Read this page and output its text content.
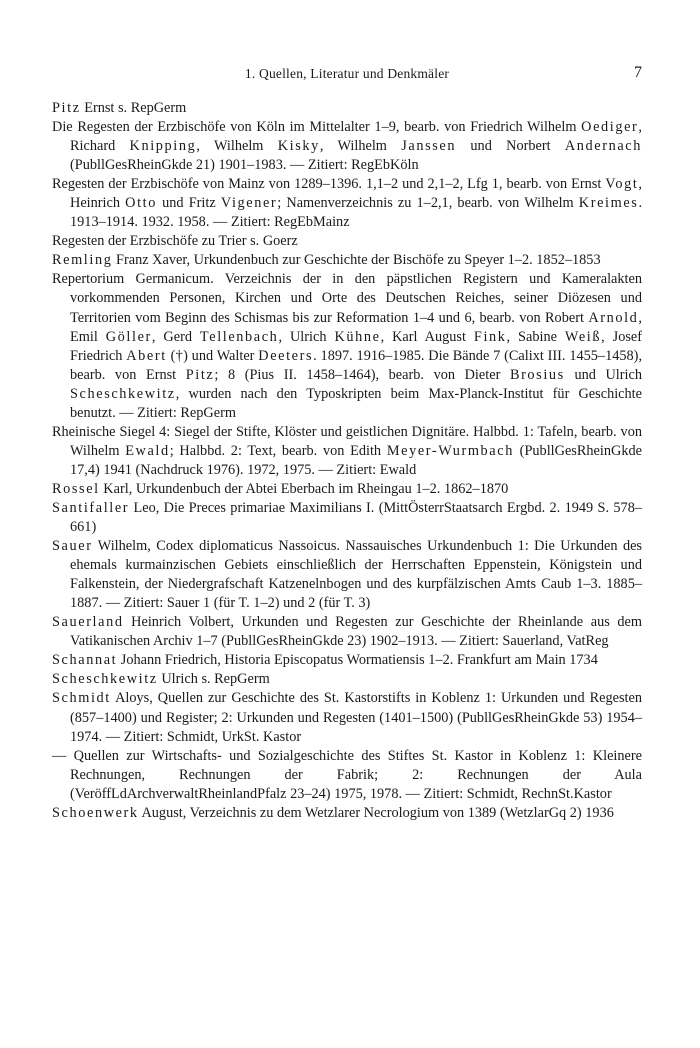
1. Quellen, Literatur und Denkmäler	7

Pitz Ernst s. RepGerm

Die Regesten der Erzbischöfe von Köln im Mittelalter 1–9, bearb. von Friedrich Wilhelm Oediger, Richard Knipping, Wilhelm Kisky, Wilhelm Janssen und Norbert Andernach (PubllGesRheinGkde 21) 1901–1983. — Zitiert: RegEbKöln

Regesten der Erzbischöfe von Mainz von 1289–1396. 1,1–2 und 2,1–2, Lfg 1, bearb. von Ernst Vogt, Heinrich Otto und Fritz Vigener; Namenverzeichnis zu 1–2,1, bearb. von Wilhelm Kreimes. 1913–1914. 1932. 1958. — Zitiert: RegEbMainz

Regesten der Erzbischöfe zu Trier s. Goerz

Remling Franz Xaver, Urkundenbuch zur Geschichte der Bischöfe zu Speyer 1–2. 1852–1853

Repertorium Germanicum. Verzeichnis der in den päpstlichen Registern und Kameralakten vorkommenden Personen, Kirchen und Orte des Deutschen Reiches, seiner Diözesen und Territorien vom Beginn des Schismas bis zur Reformation 1–4 und 6, bearb. von Robert Arnold, Emil Göller, Gerd Tellenbach, Ulrich Kühne, Karl August Fink, Sabine Weiß, Josef Friedrich Abert (†) und Walter Deeters. 1897. 1916–1985. Die Bände 7 (Calixt III. 1455–1458), bearb. von Ernst Pitz; 8 (Pius II. 1458–1464), bearb. von Dieter Brosius und Ulrich Scheschkewitz, wurden nach den Typoskripten beim Max-Planck-Institut für Geschichte benutzt. — Zitiert: RepGerm

Rheinische Siegel 4: Siegel der Stifte, Klöster und geistlichen Dignitäre. Halbbd. 1: Tafeln, bearb. von Wilhelm Ewald; Halbbd. 2: Text, bearb. von Edith Meyer-Wurmbach (PubllGesRheinGkde 17,4) 1941 (Nachdruck 1976). 1972, 1975. — Zitiert: Ewald

Rossel Karl, Urkundenbuch der Abtei Eberbach im Rheingau 1–2. 1862–1870

Santifaller Leo, Die Preces primariae Maximilians I. (MittÖsterrStaatsarch Ergbd. 2. 1949 S. 578–661)

Sauer Wilhelm, Codex diplomaticus Nassoicus. Nassauisches Urkundenbuch 1: Die Urkunden des ehemals kurmainzischen Gebiets einschließlich der Herrschaften Eppenstein, Königstein und Falkenstein, der Niedergrafschaft Katzenelnbogen und des kurpfälzischen Amts Caub 1–3. 1885–1887. — Zitiert: Sauer 1 (für T. 1–2) und 2 (für T. 3)

Sauerland Heinrich Volbert, Urkunden und Regesten zur Geschichte der Rheinlande aus dem Vatikanischen Archiv 1–7 (PubllGesRheinGkde 23) 1902–1913. — Zitiert: Sauerland, VatReg

Schannat Johann Friedrich, Historia Episcopatus Wormatiensis 1–2. Frankfurt am Main 1734

Scheschkewitz Ulrich s. RepGerm

Schmidt Aloys, Quellen zur Geschichte des St. Kastorstifts in Koblenz 1: Urkunden und Regesten (857–1400) und Register; 2: Urkunden und Regesten (1401–1500) (PubllGesRheinGkde 53) 1954–1974. — Zitiert: Schmidt, UrkSt. Kastor

— Quellen zur Wirtschafts- und Sozialgeschichte des Stiftes St. Kastor in Koblenz 1: Kleinere Rechnungen, Rechnungen der Fabrik; 2: Rechnungen der Aula (VeröffLdArchverwaltRheinlandPfalz 23–24) 1975, 1978. — Zitiert: Schmidt, RechnSt.Kastor

Schoenwerk August, Verzeichnis zu dem Wetzlarer Necrologium von 1389 (WetzlarGq 2) 1936
